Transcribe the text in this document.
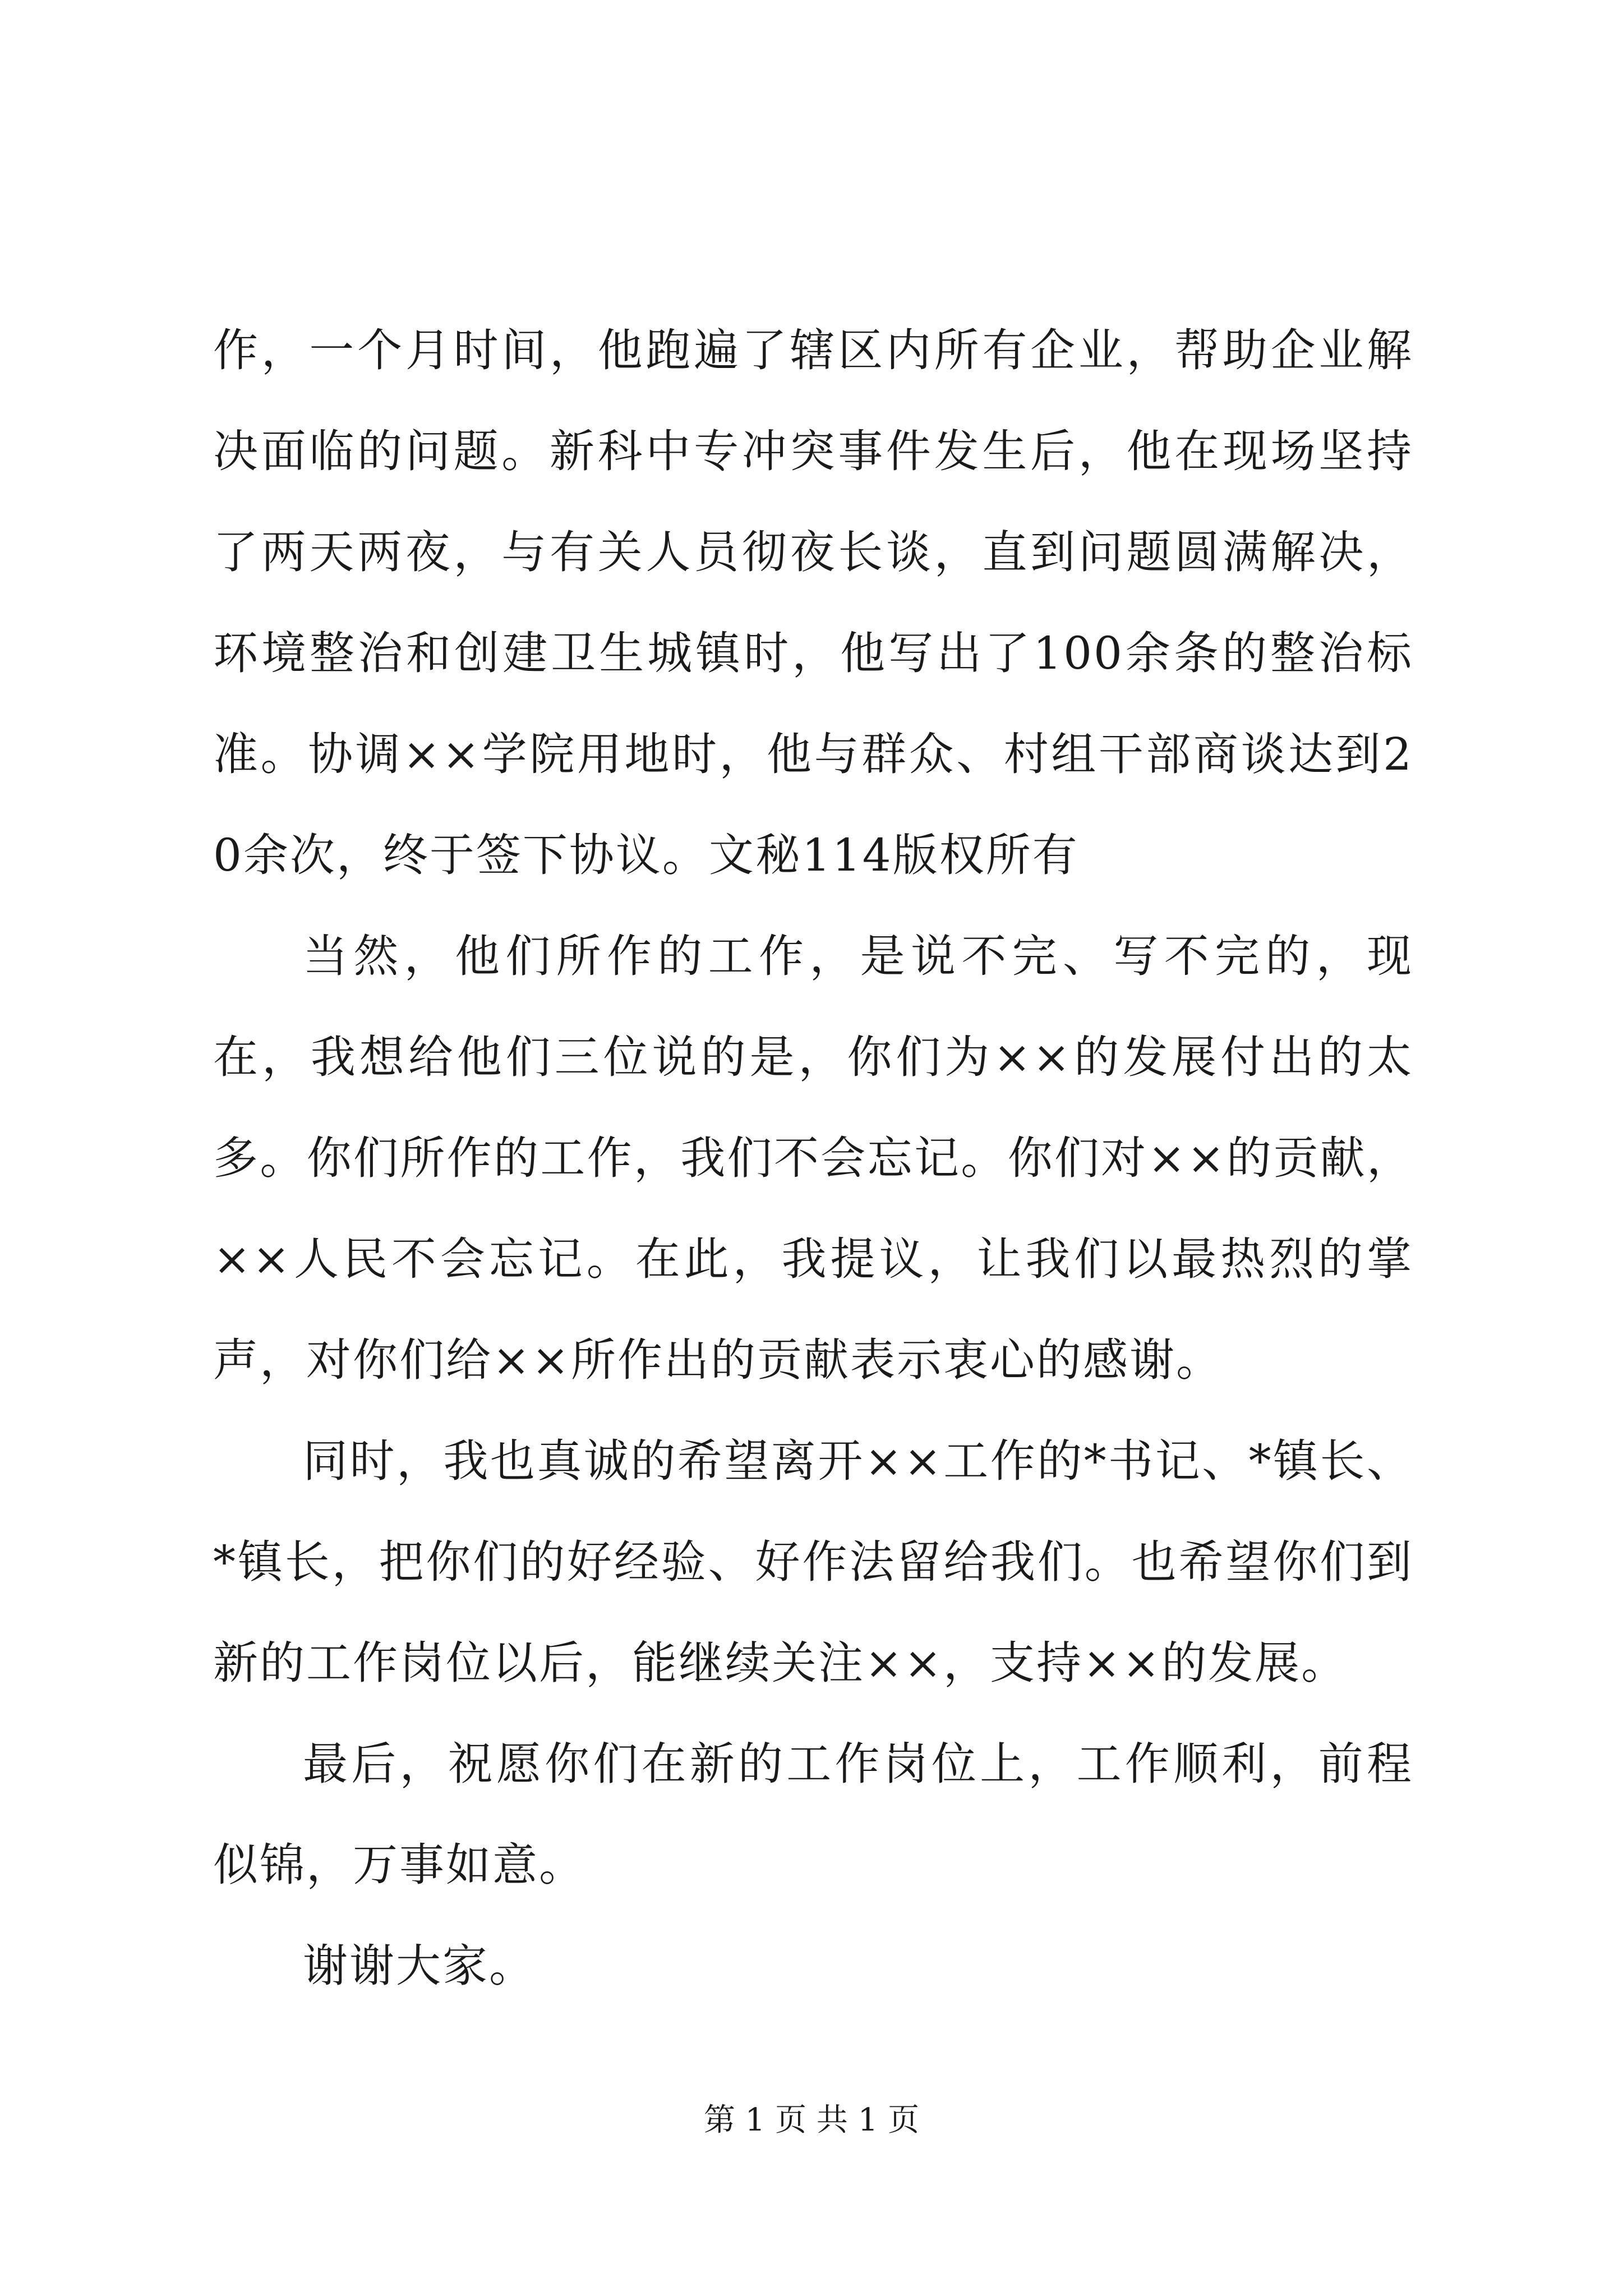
作，一个月时间，他跑遍了辖区内所有企业，帮助企业解决面临的问题。新科中专冲突事件发生后，他在现场坚持了两天两夜，与有关人员彻夜长谈，直到问题圆满解决，环境整治和创建卫生城镇时，他写出了100余条的整治标准。协调××学院用地时，他与群众、村组干部商谈达到20余次，终于签下协议。文秘114版权所有

当然，他们所作的工作，是说不完、写不完的，现在，我想给他们三位说的是，你们为××的发展付出的太多。你们所作的工作，我们不会忘记。你们对××的贡献，××人民不会忘记。在此，我提议，让我们以最热烈的掌声，对你们给××所作出的贡献表示衷心的感谢。

同时，我也真诚的希望离开××工作的*书记、*镇长、*镇长，把你们的好经验、好作法留给我们。也希望你们到新的工作岗位以后，能继续关注××，支持××的发展。

最后，祝愿你们在新的工作岗位上，工作顺利，前程似锦，万事如意。

谢谢大家。

第 1 页 共 1 页
